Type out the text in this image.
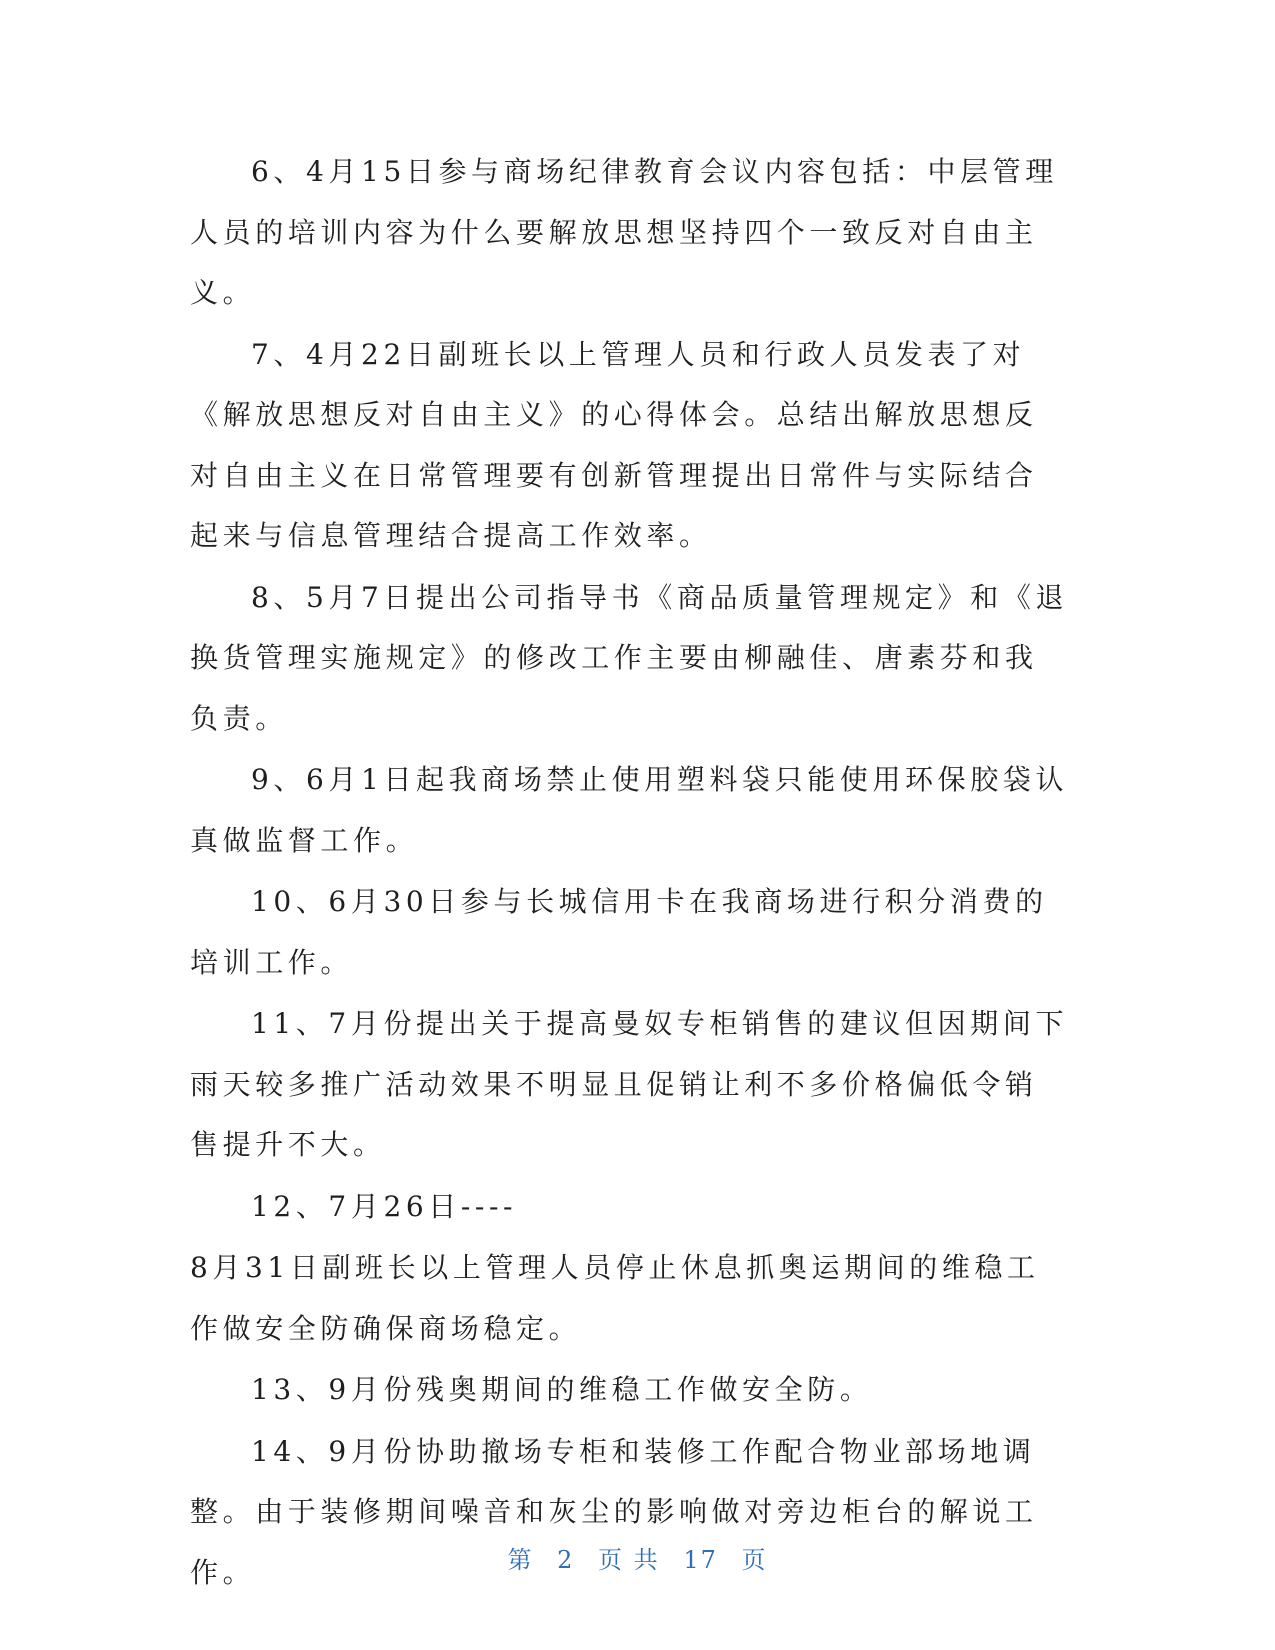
6、4月15日参与商场纪律教育会议内容包括：中层管理人员的培训内容为什么要解放思想坚持四个一致反对自由主义。

7、4月22日副班长以上管理人员和行政人员发表了对《解放思想反对自由主义》的心得体会。总结出解放思想反对自由主义在日常管理要有创新管理提出日常件与实际结合起来与信息管理结合提高工作效率。

8、5月7日提出公司指导书《商品质量管理规定》和《退换货管理实施规定》的修改工作主要由柳融佳、唐素芬和我负责。

9、6月1日起我商场禁止使用塑料袋只能使用环保胶袋认真做监督工作。

10、6月30日参与长城信用卡在我商场进行积分消费的培训工作。

11、7月份提出关于提高曼奴专柜销售的建议但因期间下雨天较多推广活动效果不明显且促销让利不多价格偏低令销售提升不大。

12、7月26日----

8月31日副班长以上管理人员停止休息抓奥运期间的维稳工作做安全防确保商场稳定。

13、9月份残奥期间的维稳工作做安全防。

14、9月份协助撤场专柜和装修工作配合物业部场地调整。由于装修期间噪音和灰尘的影响做对旁边柜台的解说工作。	第 2 页 共 17 页
